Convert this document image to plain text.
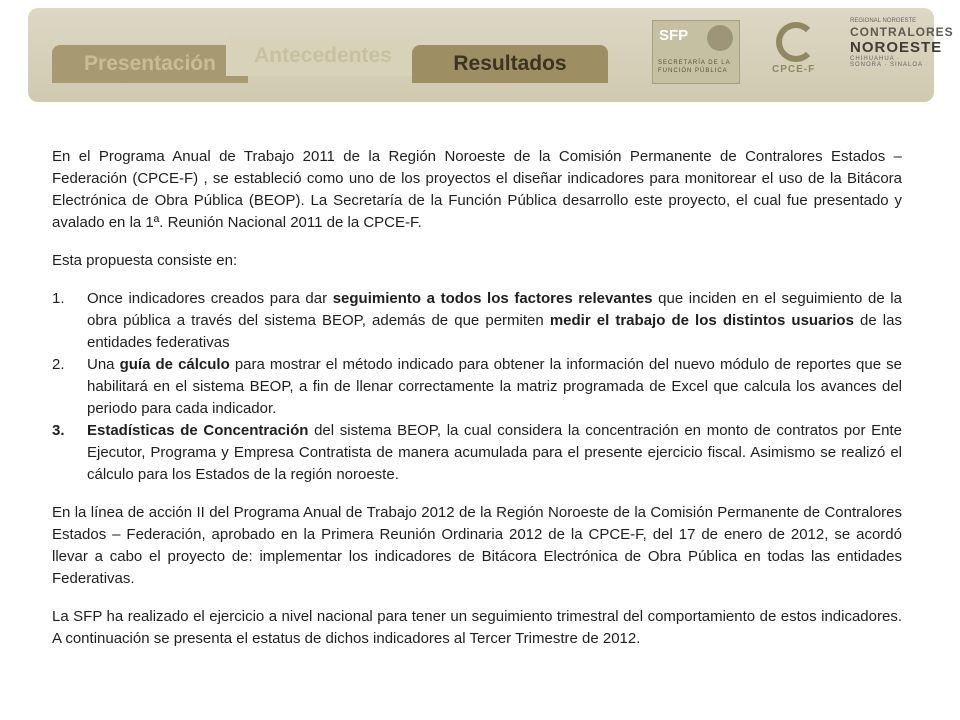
Presentación	Antecedentes	Resultados
SFP
SECRETARÍA DE LA FUNCIÓN PÚBLICA	CPCE-F
REGIONAL NOROESTE
CONTRALORES
NOROESTE
CHIHUAHUA · SONORA · SINALOA

En el Programa Anual de Trabajo 2011 de la Región Noroeste de la Comisión Permanente de Contralores Estados – Federación (CPCE-F) , se estableció como uno de los proyectos el diseñar indicadores para monitorear el uso de la Bitácora Electrónica de Obra Pública (BEOP). La Secretaría de la Función Pública desarrollo este proyecto, el cual fue presentado y avalado en la 1ª. Reunión Nacional 2011 de la CPCE-F.

Esta propuesta consiste en:

1. Once indicadores creados para dar seguimiento a todos los factores relevantes que inciden en el seguimiento de la obra pública a través del sistema BEOP, además de que permiten medir el trabajo de los distintos usuarios de las entidades federativas
2. Una guía de cálculo para mostrar el método indicado para obtener la información del nuevo módulo de reportes que se habilitará en el sistema BEOP, a fin de llenar correctamente la matriz programada de Excel que calcula los avances del periodo para cada indicador.
3. Estadísticas de Concentración del sistema BEOP, la cual considera la concentración en monto de contratos por Ente Ejecutor, Programa y Empresa Contratista de manera acumulada para el presente ejercicio fiscal. Asimismo se realizó el cálculo para los Estados de la región noroeste.

En la línea de acción II del Programa Anual de Trabajo 2012 de la Región Noroeste de la Comisión Permanente de Contralores Estados – Federación, aprobado en la Primera Reunión Ordinaria 2012 de la CPCE-F, del 17 de enero de 2012, se acordó llevar a cabo el proyecto de: implementar los indicadores de Bitácora Electrónica de Obra Pública en todas las entidades Federativas.

La SFP ha realizado el ejercicio a nivel nacional para tener un seguimiento trimestral del comportamiento de estos indicadores. A continuación se presenta el estatus de dichos indicadores al Tercer Trimestre de 2012.
